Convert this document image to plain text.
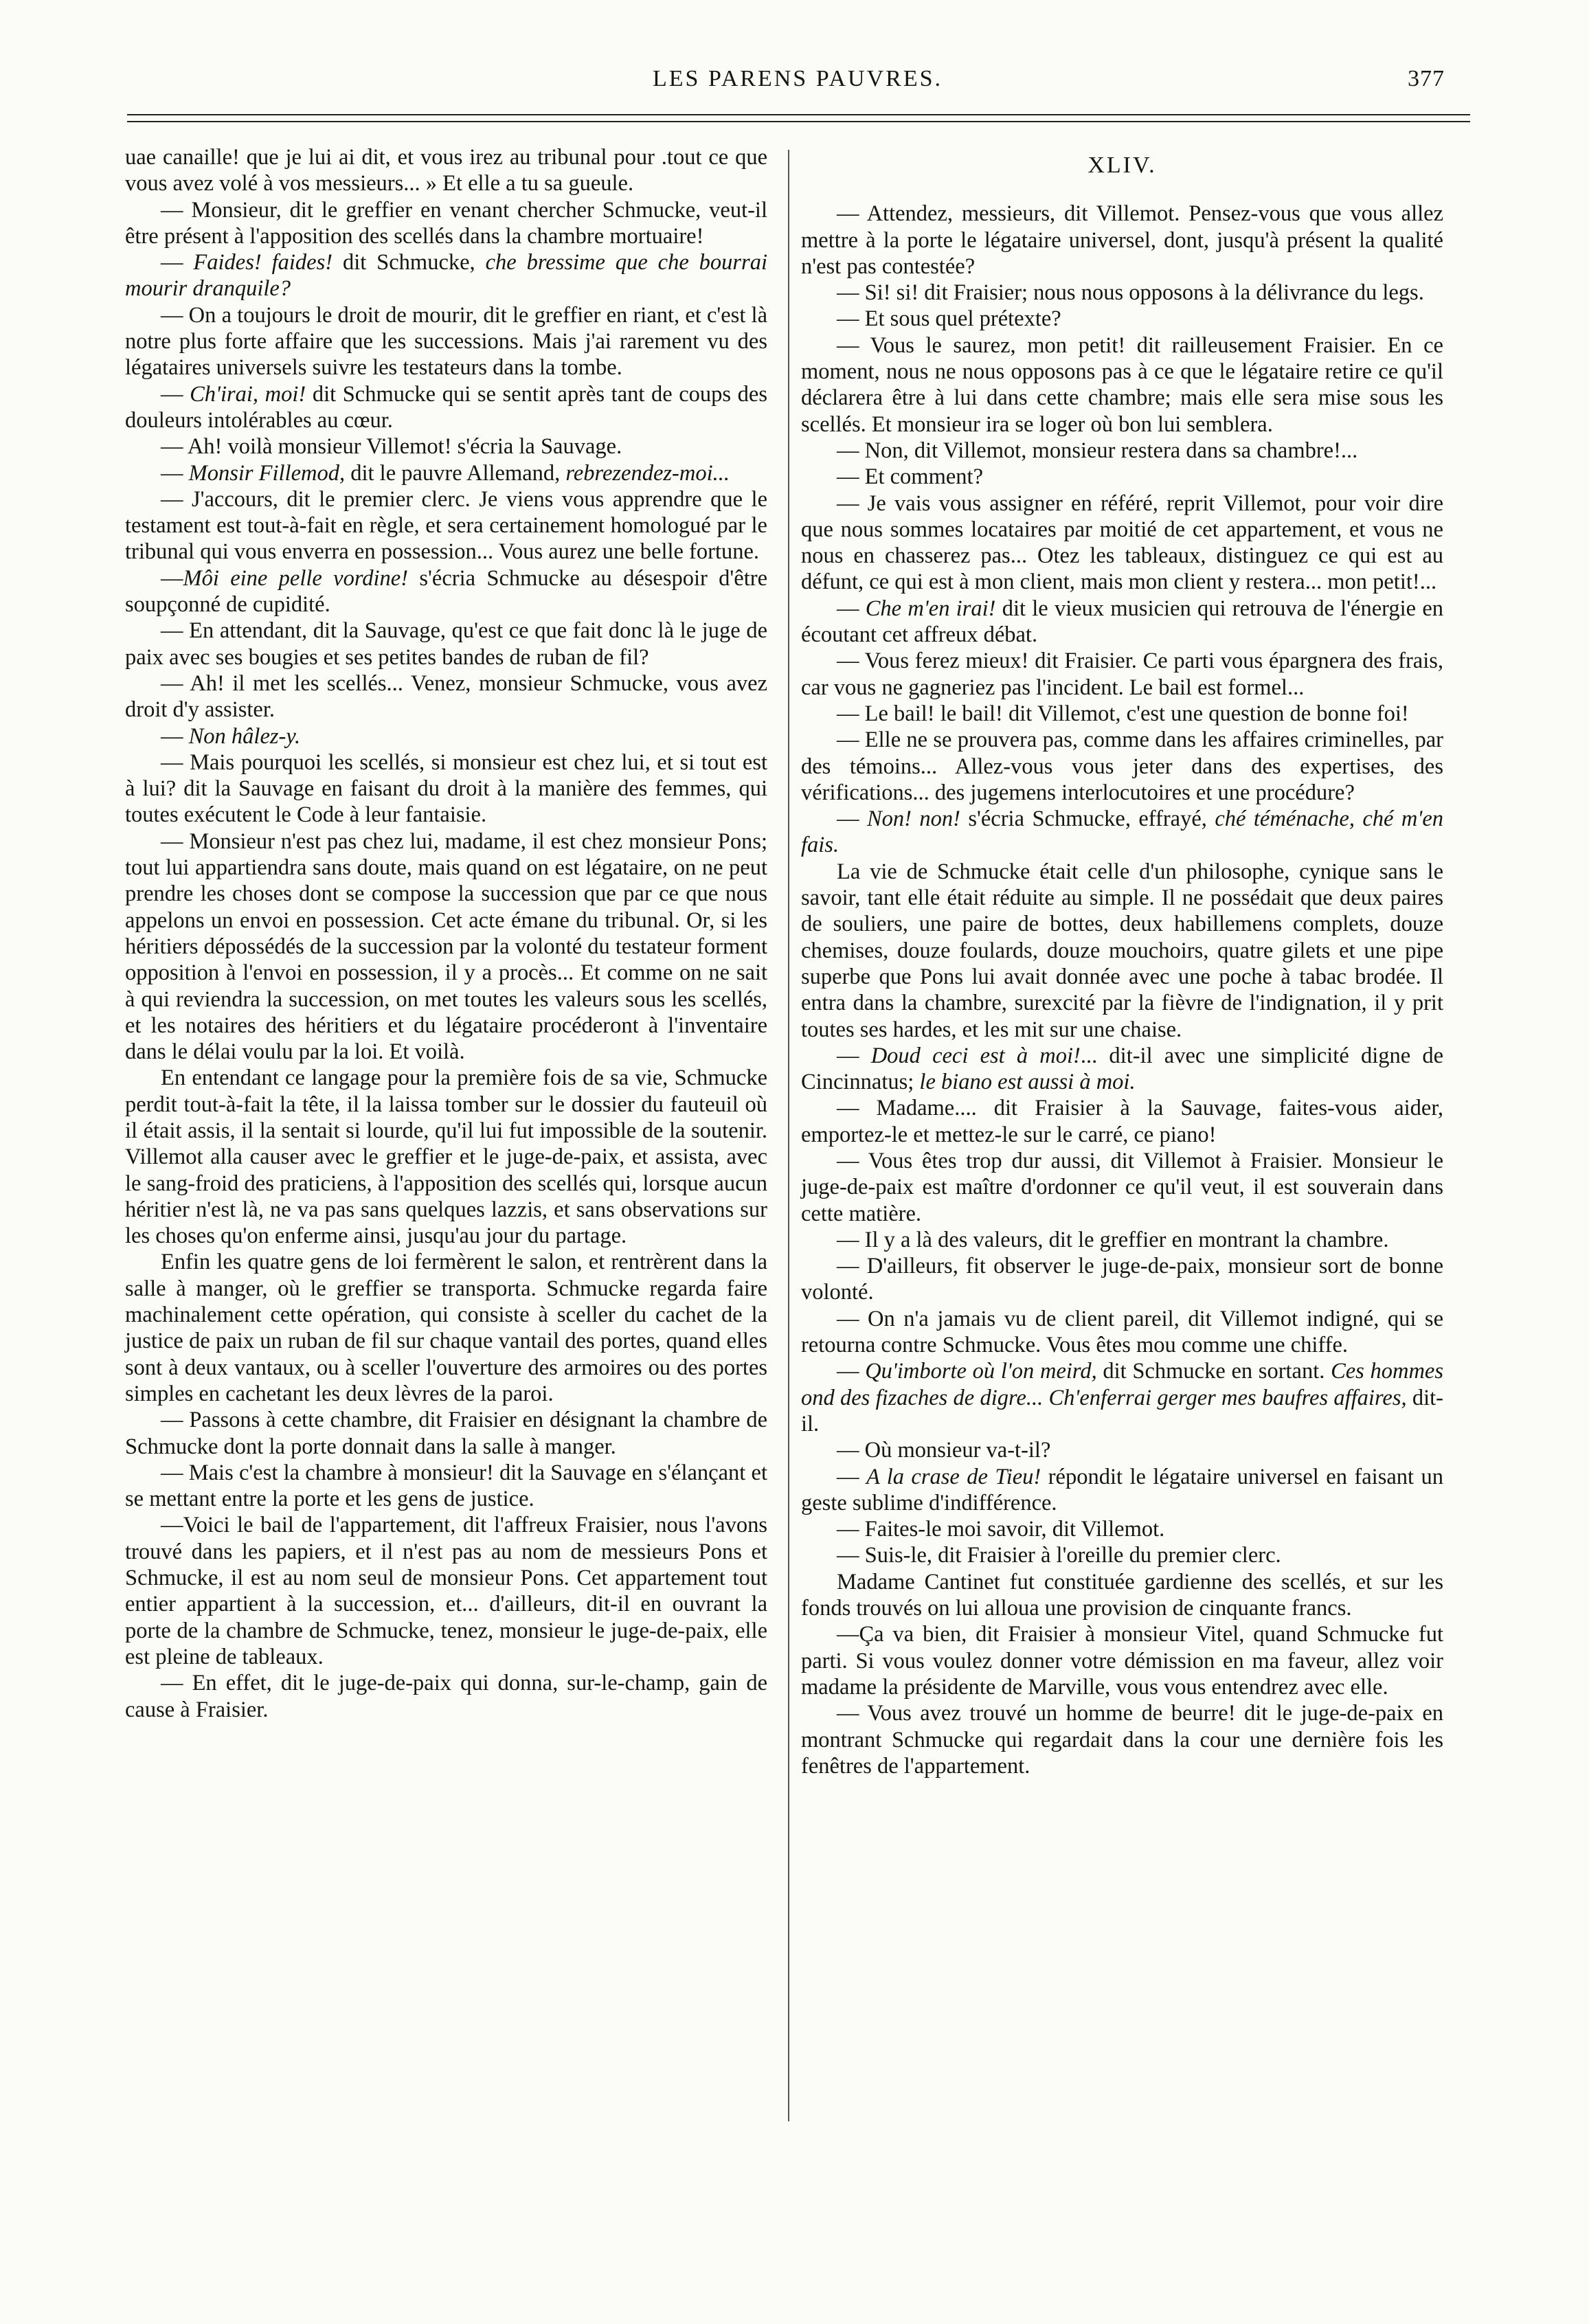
LES PARENS PAUVRES.	377

uae canaille! que je lui ai dit, et vous irez au tribunal pour .tout ce que vous avez volé à vos messieurs... » Et elle a tu sa gueule.

— Monsieur, dit le greffier en venant chercher Schmucke, veut-il être présent à l'apposition des scellés dans la chambre mortuaire!

— Faides! faides! dit Schmucke, che bressime que che bourrai mourir dranquile?

— On a toujours le droit de mourir, dit le greffier en riant, et c'est là notre plus forte affaire que les successions. Mais j'ai rarement vu des légataires universels suivre les testateurs dans la tombe.

— Ch'irai, moi! dit Schmucke qui se sentit après tant de coups des douleurs intolérables au cœur.

— Ah! voilà monsieur Villemot! s'écria la Sauvage.

— Monsir Fillemod, dit le pauvre Allemand, rebrezendez-moi...

— J'accours, dit le premier clerc. Je viens vous apprendre que le testament est tout-à-fait en règle, et sera certainement homologué par le tribunal qui vous enverra en possession... Vous aurez une belle fortune.

—Môi eine pelle vordine! s'écria Schmucke au désespoir d'être soupçonné de cupidité.

— En attendant, dit la Sauvage, qu'est ce que fait donc là le juge de paix avec ses bougies et ses petites bandes de ruban de fil?

— Ah! il met les scellés... Venez, monsieur Schmucke, vous avez droit d'y assister.

— Non hâlez-y.

— Mais pourquoi les scellés, si monsieur est chez lui, et si tout est à lui? dit la Sauvage en faisant du droit à la manière des femmes, qui toutes exécutent le Code à leur fantaisie.

— Monsieur n'est pas chez lui, madame, il est chez monsieur Pons; tout lui appartiendra sans doute, mais quand on est légataire, on ne peut prendre les choses dont se compose la succession que par ce que nous appelons un envoi en possession. Cet acte émane du tribunal. Or, si les héritiers dépossédés de la succession par la volonté du testateur forment opposition à l'envoi en possession, il y a procès... Et comme on ne sait à qui reviendra la succession, on met toutes les valeurs sous les scellés, et les notaires des héritiers et du légataire procéderont à l'inventaire dans le délai voulu par la loi. Et voilà.

En entendant ce langage pour la première fois de sa vie, Schmucke perdit tout-à-fait la tête, il la laissa tomber sur le dossier du fauteuil où il était assis, il la sentait si lourde, qu'il lui fut impossible de la soutenir. Villemot alla causer avec le greffier et le juge-de-paix, et assista, avec le sang-froid des praticiens, à l'apposition des scellés qui, lorsque aucun héritier n'est là, ne va pas sans quelques lazzis, et sans observations sur les choses qu'on enferme ainsi, jusqu'au jour du partage.

Enfin les quatre gens de loi fermèrent le salon, et rentrèrent dans la salle à manger, où le greffier se transporta. Schmucke regarda faire machinalement cette opération, qui consiste à sceller du cachet de la justice de paix un ruban de fil sur chaque vantail des portes, quand elles sont à deux vantaux, ou à sceller l'ouverture des armoires ou des portes simples en cachetant les deux lèvres de la paroi.

— Passons à cette chambre, dit Fraisier en désignant la chambre de Schmucke dont la porte donnait dans la salle à manger.

— Mais c'est la chambre à monsieur! dit la Sauvage en s'élançant et se mettant entre la porte et les gens de justice.

—Voici le bail de l'appartement, dit l'affreux Fraisier, nous l'avons trouvé dans les papiers, et il n'est pas au nom de messieurs Pons et Schmucke, il est au nom seul de monsieur Pons. Cet appartement tout entier appartient à la succession, et... d'ailleurs, dit-il en ouvrant la porte de la chambre de Schmucke, tenez, monsieur le juge-de-paix, elle est pleine de tableaux.

— En effet, dit le juge-de-paix qui donna, sur-le-champ, gain de cause à Fraisier.

XLIV.

— Attendez, messieurs, dit Villemot. Pensez-vous que vous allez mettre à la porte le légataire universel, dont, jusqu'à présent la qualité n'est pas contestée?

— Si! si! dit Fraisier; nous nous opposons à la délivrance du legs.

— Et sous quel prétexte?

— Vous le saurez, mon petit! dit railleusement Fraisier. En ce moment, nous ne nous opposons pas à ce que le légataire retire ce qu'il déclarera être à lui dans cette chambre; mais elle sera mise sous les scellés. Et monsieur ira se loger où bon lui semblera.

— Non, dit Villemot, monsieur restera dans sa chambre!...

— Et comment?

— Je vais vous assigner en référé, reprit Villemot, pour voir dire que nous sommes locataires par moitié de cet appartement, et vous ne nous en chasserez pas... Otez les tableaux, distinguez ce qui est au défunt, ce qui est à mon client, mais mon client y restera... mon petit!...

— Che m'en irai! dit le vieux musicien qui retrouva de l'énergie en écoutant cet affreux débat.

— Vous ferez mieux! dit Fraisier. Ce parti vous épargnera des frais, car vous ne gagneriez pas l'incident. Le bail est formel...

— Le bail! le bail! dit Villemot, c'est une question de bonne foi!

— Elle ne se prouvera pas, comme dans les affaires criminelles, par des témoins... Allez-vous vous jeter dans des expertises, des vérifications... des jugemens interlocutoires et une procédure?

— Non! non! s'écria Schmucke, effrayé, ché téménache, ché m'en fais.

La vie de Schmucke était celle d'un philosophe, cynique sans le savoir, tant elle était réduite au simple. Il ne possédait que deux paires de souliers, une paire de bottes, deux habillemens complets, douze chemises, douze foulards, douze mouchoirs, quatre gilets et une pipe superbe que Pons lui avait donnée avec une poche à tabac brodée. Il entra dans la chambre, surexcité par la fièvre de l'indignation, il y prit toutes ses hardes, et les mit sur une chaise.

— Doud ceci est à moi!... dit-il avec une simplicité digne de Cincinnatus; le biano est aussi à moi.

— Madame.... dit Fraisier à la Sauvage, faites-vous aider, emportez-le et mettez-le sur le carré, ce piano!

— Vous êtes trop dur aussi, dit Villemot à Fraisier. Monsieur le juge-de-paix est maître d'ordonner ce qu'il veut, il est souverain dans cette matière.

— Il y a là des valeurs, dit le greffier en montrant la chambre.

— D'ailleurs, fit observer le juge-de-paix, monsieur sort de bonne volonté.

— On n'a jamais vu de client pareil, dit Villemot indigné, qui se retourna contre Schmucke. Vous êtes mou comme une chiffe.

— Qu'imborte où l'on meird, dit Schmucke en sortant. Ces hommes ond des fizaches de digre... Ch'enferrai gerger mes baufres affaires, dit-il.

— Où monsieur va-t-il?

— A la crase de Tieu! répondit le légataire universel en faisant un geste sublime d'indifférence.

— Faites-le moi savoir, dit Villemot.

— Suis-le, dit Fraisier à l'oreille du premier clerc.

Madame Cantinet fut constituée gardienne des scellés, et sur les fonds trouvés on lui alloua une provision de cinquante francs.

—Ça va bien, dit Fraisier à monsieur Vitel, quand Schmucke fut parti. Si vous voulez donner votre démission en ma faveur, allez voir madame la présidente de Marville, vous vous entendrez avec elle.

— Vous avez trouvé un homme de beurre! dit le juge-de-paix en montrant Schmucke qui regardait dans la cour une dernière fois les fenêtres de l'appartement.
